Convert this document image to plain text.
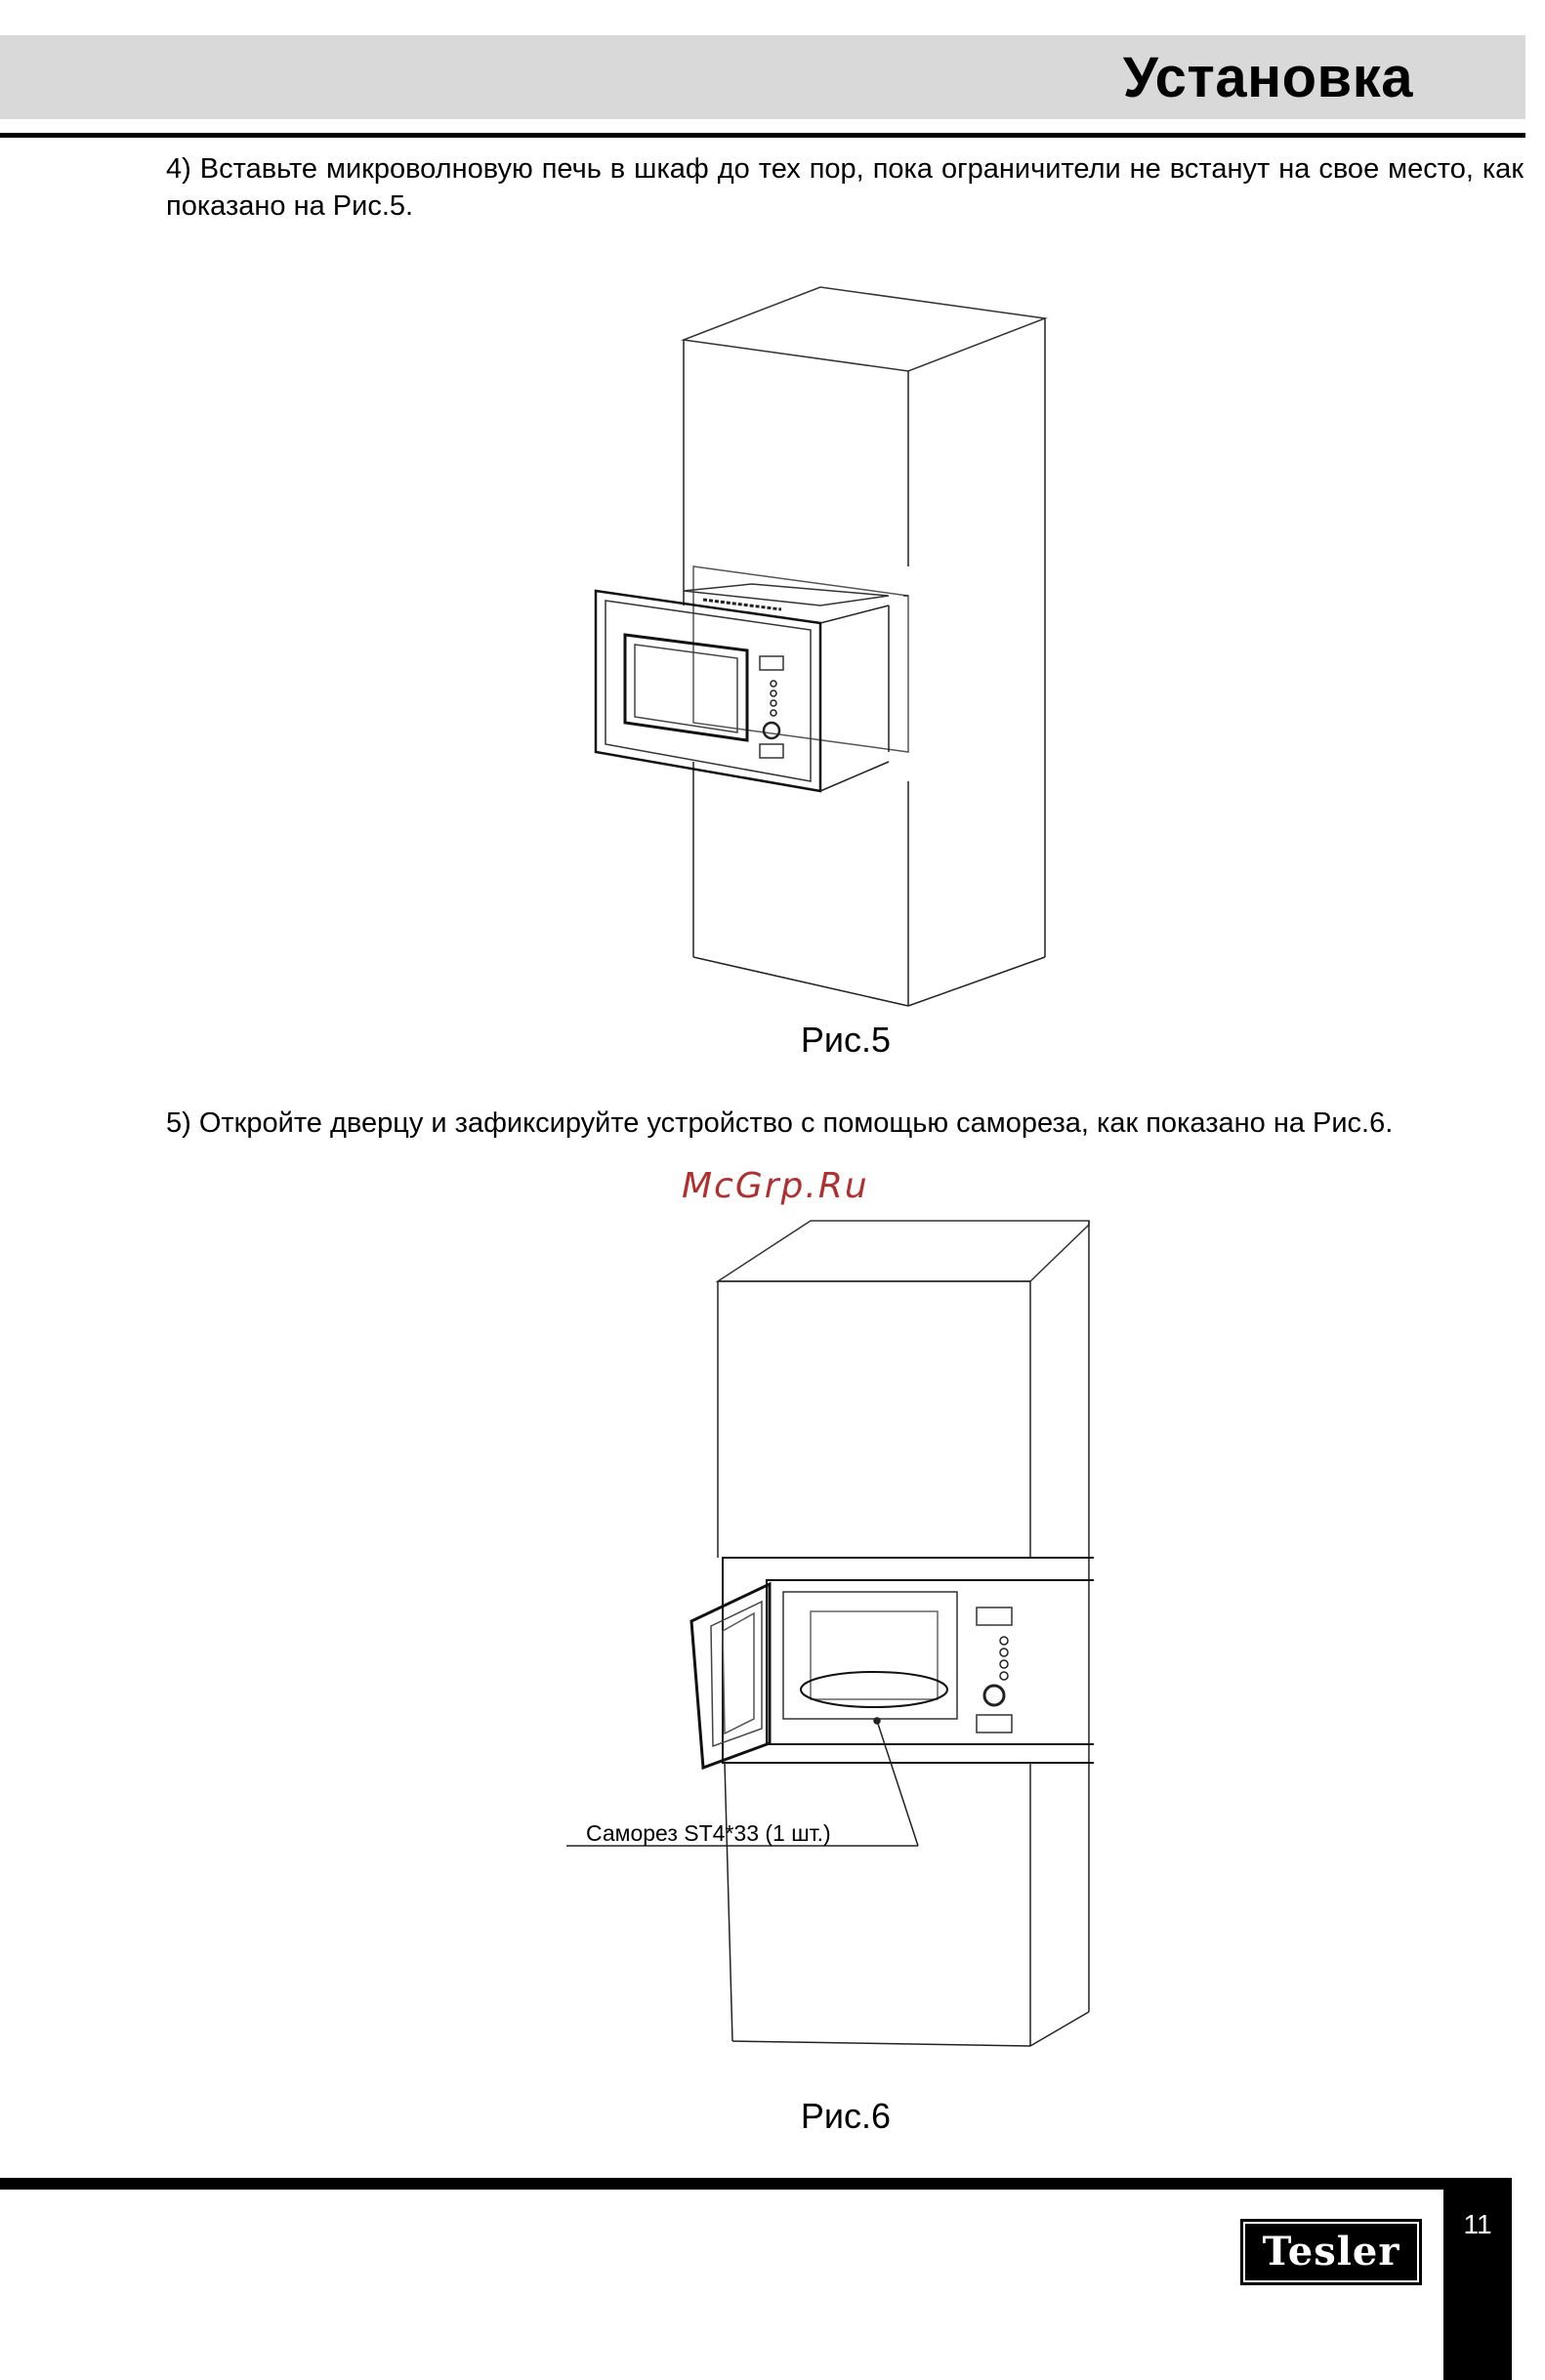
Установка
4) Вставьте микроволновую печь в шкаф до тех пор, пока ограничители не встанут на свое место, как показано на Рис.5.
Рис.5
5) Откройте дверцу и зафиксируйте устройство с помощью самореза, как показано на Рис.6.
McGrp.Ru
Саморез ST4*33 (1 шт.)
Рис.6
11
Tesler
